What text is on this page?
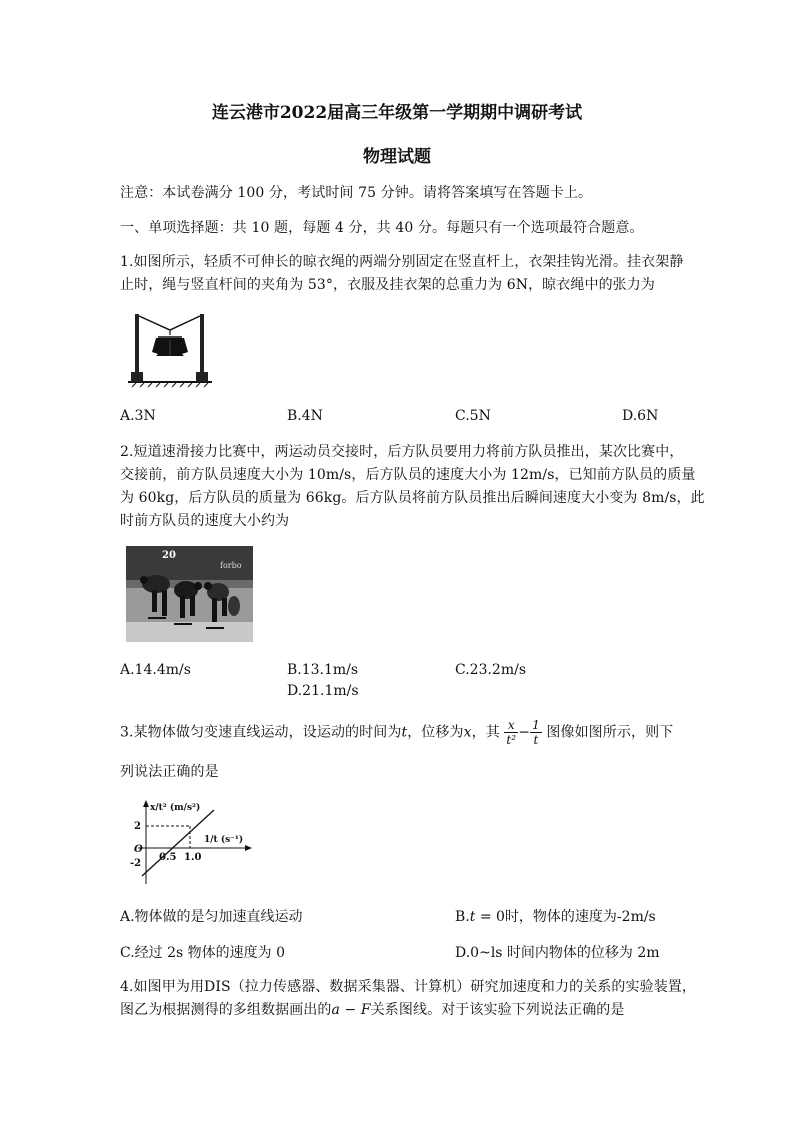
连云港市2022届高三年级第一学期期中调研考试
物理试题
注意：本试卷满分 100 分，考试时间 75 分钟。请将答案填写在答题卡上。
一、单项选择题：共 10 题，每题 4 分，共 40 分。每题只有一个选项最符合题意。
1.如图所示，轻质不可伸长的晾衣绳的两端分别固定在竖直杆上，衣架挂钩光滑。挂衣架静
止时，绳与竖直杆间的夹角为 53°，衣服及挂衣架的总重力为 6N，晾衣绳中的张力为
A.3N	B.4N	C.5N	D.6N
2.短道速滑接力比赛中，两运动员交接时，后方队员要用力将前方队员推出，某次比赛中，
交接前，前方队员速度大小为 10m/s，后方队员的速度大小为 12m/s，已知前方队员的质量
为 60kg，后方队员的质量为 66kg。后方队员将前方队员推出后瞬间速度大小变为 8m/s，此
时前方队员的速度大小约为
20
forbo
A.14.4m/s	B.13.1m/s	C.23.2m/s
D.21.1m/s
3.某物体做匀变速直线运动，设运动的时间为t，位移为x，其 $\frac{x}{\text{t²}} - \frac{1}{t}$ 图像如图所示，则下
列说法正确的是
x/t² (m/s²)
1/t (s⁻¹)
2
O
-2
0.5 1.0
A.物体做的是匀加速直线运动	B.t = 0时，物体的速度为-2m/s
C.经过 2s 物体的速度为 0	D.0~ls 时间内物体的位移为 2m
4.如图甲为用DIS（拉力传感器、数据采集器、计算机）研究加速度和力的关系的实验装置，
图乙为根据测得的多组数据画出的a − F关系图线。对于该实验下列说法正确的是
